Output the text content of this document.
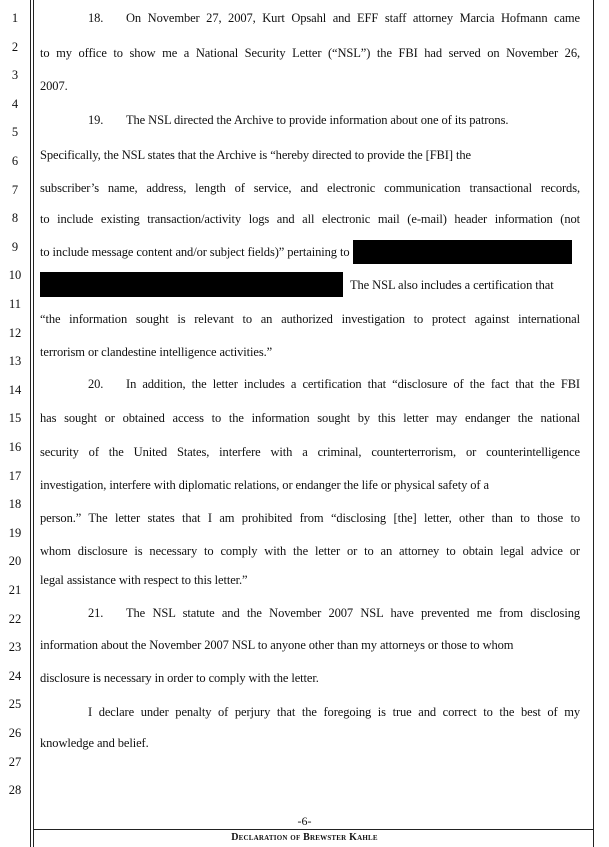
1
2
3
4
5
6
7
8
9
10
11
12
13
14
15
16
17
18
19
20
21
22
23
24
25
26
27
28
18. On November 27, 2007, Kurt Opsahl and EFF staff attorney Marcia Hofmann came
to my office to show me a National Security Letter (“NSL”) the FBI had served on November 26,
2007.
19. The NSL directed the Archive to provide information about one of its patrons.
Specifically, the NSL states that the Archive is “hereby directed to provide the [FBI] the
subscriber’s name, address, length of service, and electronic communication transactional records,
to include existing transaction/activity logs and all electronic mail (e-mail) header information (not
to include message content and/or subject fields)” pertaining to
The NSL also includes a certification that
“the information sought is relevant to an authorized investigation to protect against international
terrorism or clandestine intelligence activities.”
20. In addition, the letter includes a certification that “disclosure of the fact that the FBI
has sought or obtained access to the information sought by this letter may endanger the national
security of the United States, interfere with a criminal, counterterrorism, or counterintelligence
investigation, interfere with diplomatic relations, or endanger the life or physical safety of a
person.” The letter states that I am prohibited from “disclosing [the] letter, other than to those to
whom disclosure is necessary to comply with the letter or to an attorney to obtain legal advice or
legal assistance with respect to this letter.”
21. The NSL statute and the November 2007 NSL have prevented me from disclosing
information about the November 2007 NSL to anyone other than my attorneys or those to whom
disclosure is necessary in order to comply with the letter.
I declare under penalty of perjury that the foregoing is true and correct to the best of my
knowledge and belief.
-6-
Declaration of Brewster Kahle
